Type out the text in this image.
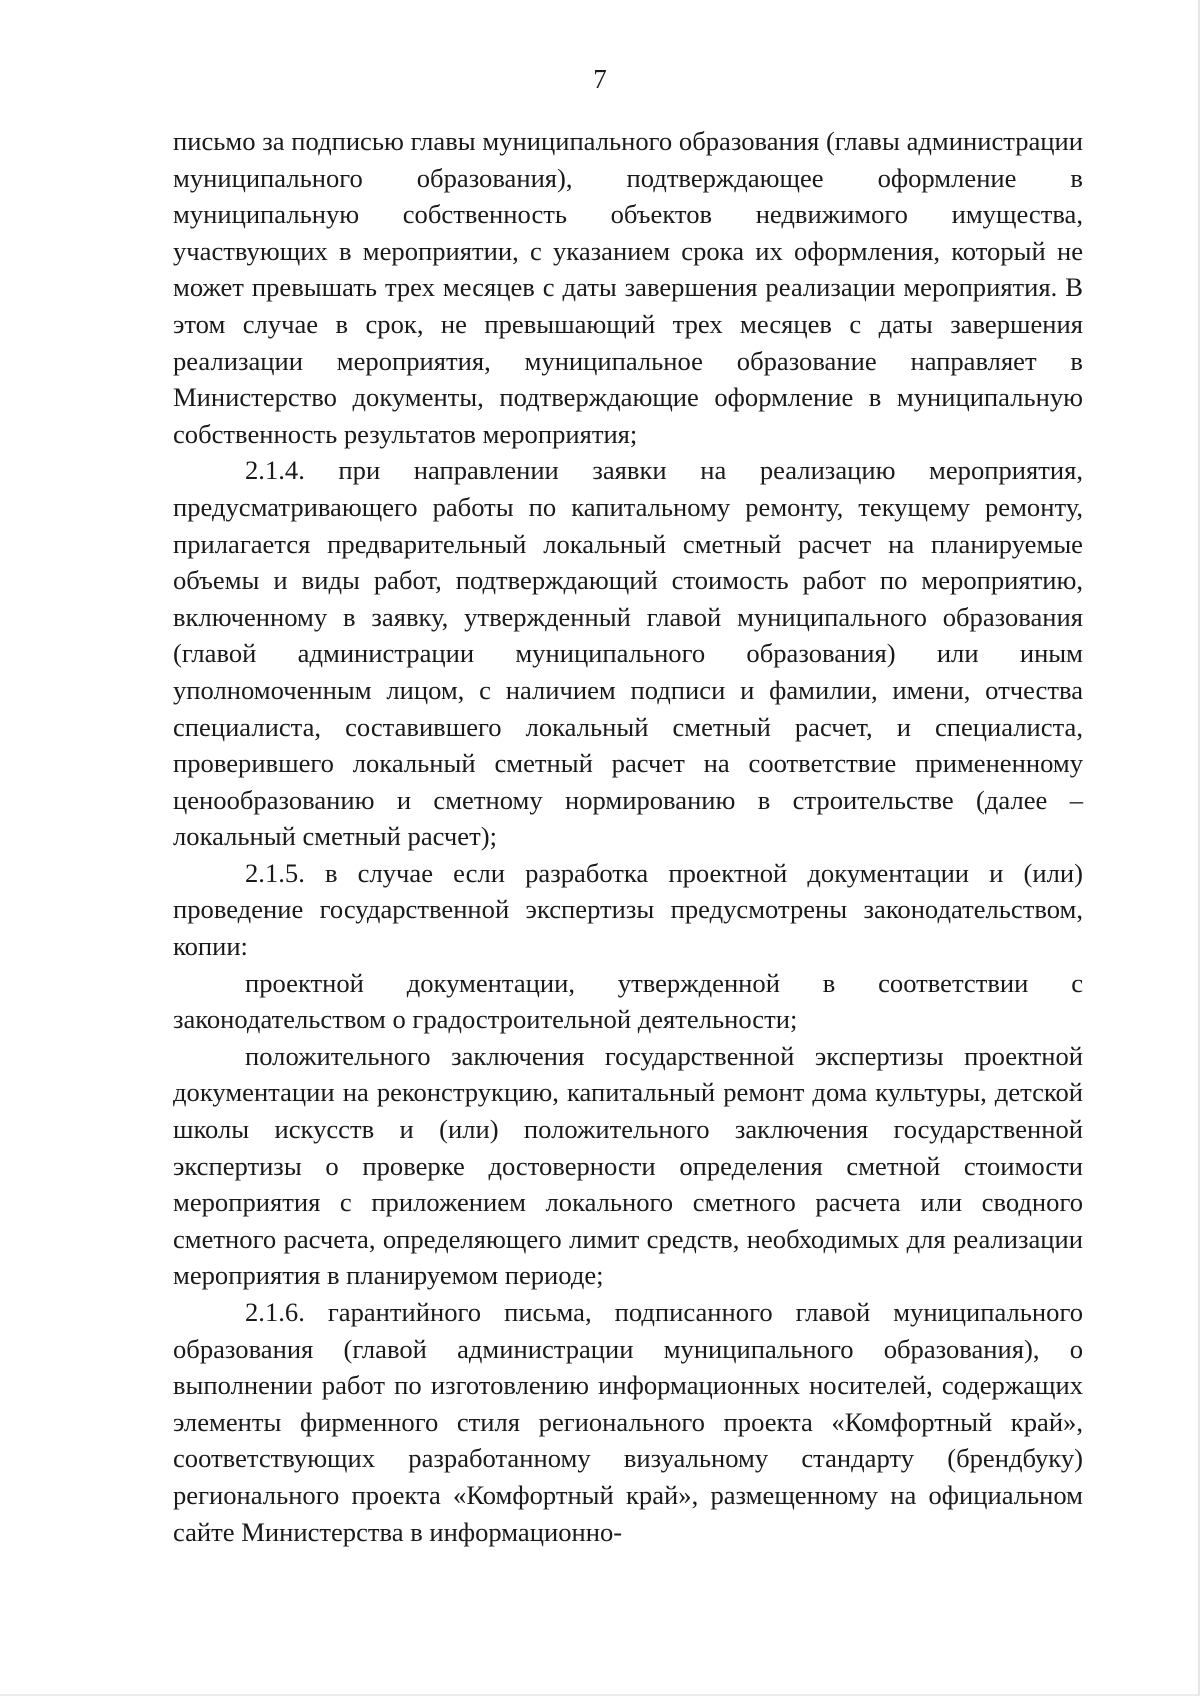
7

письмо за подписью главы муниципального образования (главы администрации муниципального образования), подтверждающее оформление в муниципальную собственность объектов недвижимого имущества, участвующих в мероприятии, с указанием срока их оформления, который не может превышать трех месяцев с даты завершения реализации мероприятия. В этом случае в срок, не превышающий трех месяцев с даты завершения реализации мероприятия, муниципальное образование направляет в Министерство документы, подтверждающие оформление в муниципальную собственность результатов мероприятия;

2.1.4. при направлении заявки на реализацию мероприятия, предусматривающего работы по капитальному ремонту, текущему ремонту, прилагается предварительный локальный сметный расчет на планируемые объемы и виды работ, подтверждающий стоимость работ по мероприятию, включенному в заявку, утвержденный главой муниципального образования (главой администрации муниципального образования) или иным уполномоченным лицом, с наличием подписи и фамилии, имени, отчества специалиста, составившего локальный сметный расчет, и специалиста, проверившего локальный сметный расчет на соответствие примененному ценообразованию и сметному нормированию в строительстве (далее – локальный сметный расчет);

2.1.5. в случае если разработка проектной документации и (или) проведение государственной экспертизы предусмотрены законодательством, копии:

проектной документации, утвержденной в соответствии с законодательством о градостроительной деятельности;

положительного заключения государственной экспертизы проектной документации на реконструкцию, капитальный ремонт дома культуры, детской школы искусств и (или) положительного заключения государственной экспертизы о проверке достоверности определения сметной стоимости мероприятия с приложением локального сметного расчета или сводного сметного расчета, определяющего лимит средств, необходимых для реализации мероприятия в планируемом периоде;

2.1.6. гарантийного письма, подписанного главой муниципального образования (главой администрации муниципального образования), о выполнении работ по изготовлению информационных носителей, содержащих элементы фирменного стиля регионального проекта «Комфортный край», соответствующих разработанному визуальному стандарту (брендбуку) регионального проекта «Комфортный край», размещенному на официальном сайте Министерства в информационно-
